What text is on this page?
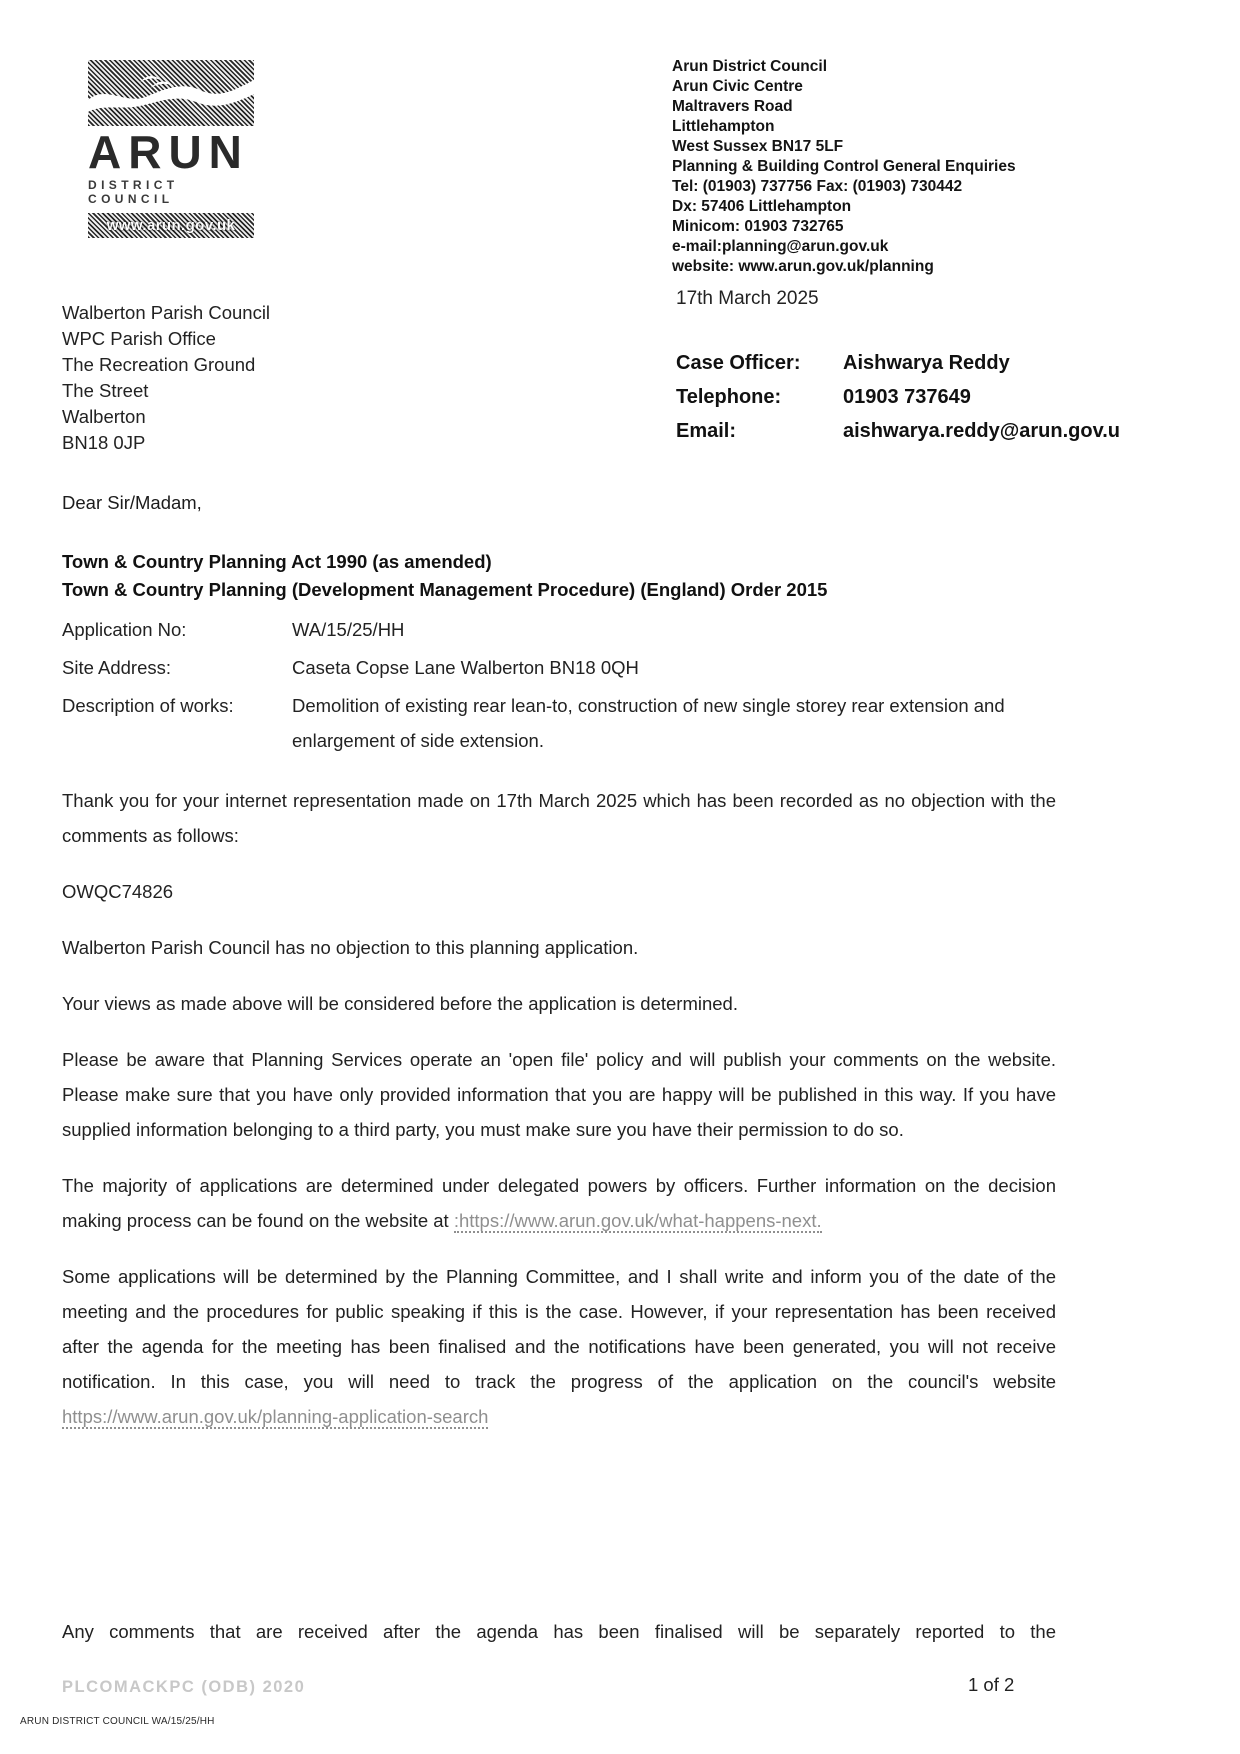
ARUN
DISTRICT COUNCIL
www.arun.gov.uk
Arun District Council
Arun Civic Centre
Maltravers Road
Littlehampton
West Sussex BN17 5LF
Planning & Building Control General Enquiries
Tel: (01903) 737756 Fax: (01903) 730442
Dx: 57406 Littlehampton
Minicom: 01903 732765
e-mail:planning@arun.gov.uk
website: www.arun.gov.uk/planning
17th March 2025
Walberton Parish Council
WPC Parish Office
The Recreation Ground
The Street
Walberton
BN18 0JP
Case Officer:	Aishwarya Reddy
Telephone:	01903 737649
Email:	aishwarya.reddy@arun.gov.u
Dear Sir/Madam,
Town & Country Planning Act 1990 (as amended)
Town & Country Planning (Development Management Procedure) (England) Order 2015
Application No:	WA/15/25/HH
Site Address:	Caseta Copse Lane Walberton BN18 0QH
Description of works:	Demolition of existing rear lean-to, construction of new single storey rear extension and enlargement of side extension.

Thank you for your internet representation made on 17th March 2025 which has been recorded as no objection with the comments as follows:

OWQC74826

Walberton Parish Council has no objection to this planning application.

Your views as made above will be considered before the application is determined.

Please be aware that Planning Services operate an 'open file' policy and will publish your comments on the website. Please make sure that you have only provided information that you are happy will be published in this way. If you have supplied information belonging to a third party, you must make sure you have their permission to do so.

The majority of applications are determined under delegated powers by officers. Further information on the decision making process can be found on the website at :https://www.arun.gov.uk/what-happens-next.

Some applications will be determined by the Planning Committee, and I shall write and inform you of the date of the meeting and the procedures for public speaking if this is the case. However, if your representation has been received after the agenda for the meeting has been finalised and the notifications have been generated, you will not receive notification. In this case, you will need to track the progress of the application on the council's website https://www.arun.gov.uk/planning-application-search

Any comments that are received after the agenda has been finalised will be separately reported to the

PLCOMACKPC (ODB) 2020	1 of 2
ARUN DISTRICT COUNCIL WA/15/25/HH
